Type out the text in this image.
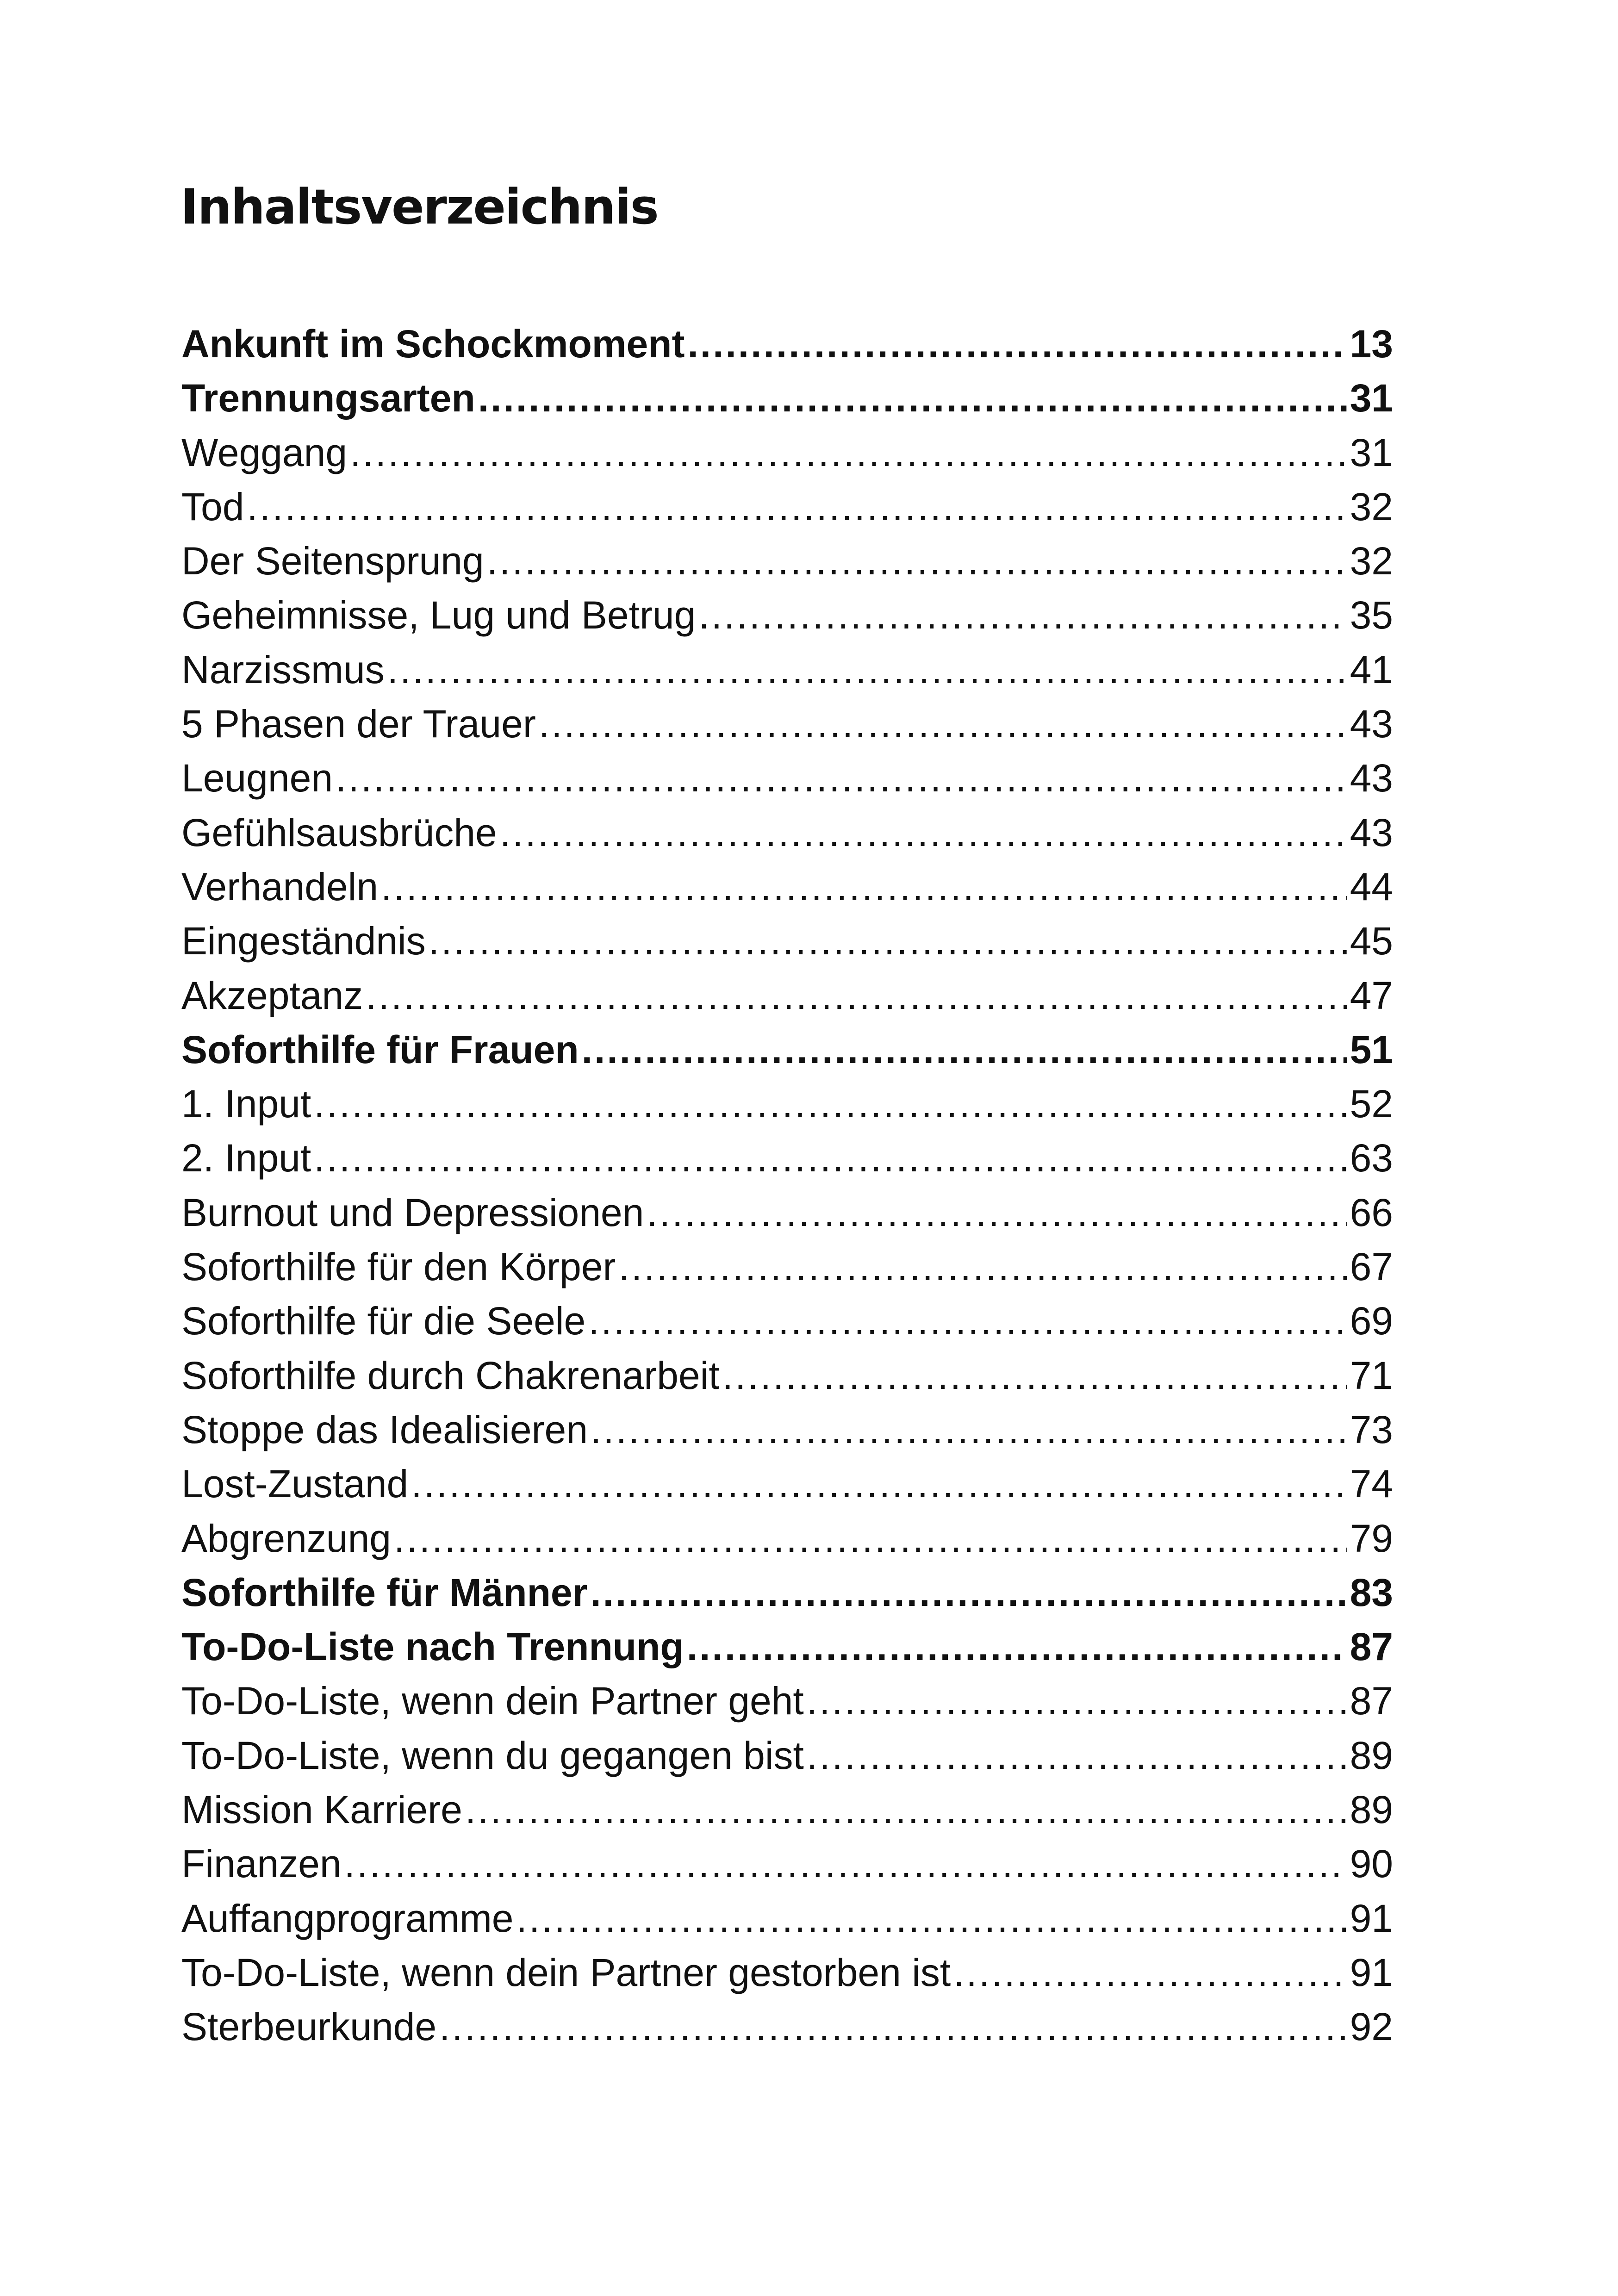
Inhaltsverzeichnis
Ankunft im Schockmoment .....	13
Trennungsarten .....	31
Weggang .....	31
Tod .....	32
Der Seitensprung .....	32
Geheimnisse, Lug und Betrug .....	35
Narzissmus .....	41
5 Phasen der Trauer .....	43
Leugnen .....	43
Gefühlsausbrüche .....	43
Verhandeln .....	44
Eingeständnis .....	45
Akzeptanz .....	47
Soforthilfe für Frauen .....	51
1. Input .....	52
2. Input .....	63
Burnout und Depressionen .....	66
Soforthilfe für den Körper .....	67
Soforthilfe für die Seele .....	69
Soforthilfe durch Chakrenarbeit .....	71
Stoppe das Idealisieren .....	73
Lost-Zustand .....	74
Abgrenzung .....	79
Soforthilfe für Männer .....	83
To-Do-Liste nach Trennung .....	87
To-Do-Liste, wenn dein Partner geht .....	87
To-Do-Liste, wenn du gegangen bist .....	89
Mission Karriere .....	89
Finanzen .....	90
Auffangprogramme .....	91
To-Do-Liste, wenn dein Partner gestorben ist .....	91
Sterbeurkunde .....	92
